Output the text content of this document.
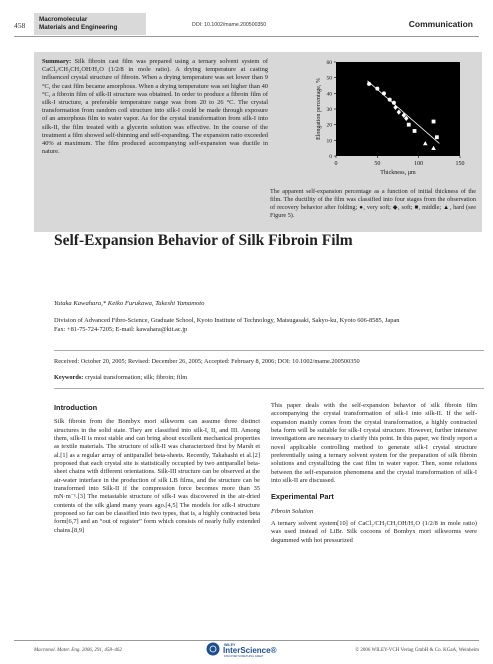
458
Macromolecular
Materials and Engineering	DOI: 10.1002/mame.200500350	Communication

Summary: Silk fibroin cast film was prepared using a ternary solvent system of CaCl₂/CH₃CH₂OH/H₂O (1/2/8 in mole ratio). A drying temperature at casting influenced crystal structure of fibroin. When a drying temperature was set lower than 9 °C, the cast film became amorphous. When a drying temperature was set higher than 40 °C, a fibroin film of silk-II structure was obtained. In order to produce a fibroin film of silk-I structure, a preferable temperature range was from 20 to 26 °C. The crystal transformation from random coil structure into silk-I could be made through exposure of an amorphous film to water vapor. As for the crystal transformation from silk-I into silk-II, the film treated with a glycerin solution was effective. In the course of the treatment a film showed self-thinning and self-expanding. The expansion ratio exceeded 40% at maximum. The film produced accompanying self-expansion was ductile in nature.

0
10
20
30
40
50
60
0	50	100	150
Thickness, µm
Elongation percentage, %

The apparent self-expansion percentage as a function of initial thickness of the film. The ductility of the film was classified into four stages from the observation of recovery behavior after folding; ●, very soft; ◆, soft; ■, middle; ▲, hard (see Figure 5).

Self-Expansion Behavior of Silk Fibroin Film

Yutaka Kawahara,* Keiko Furukawa, Takeshi Yamamoto

Division of Advanced Fibro-Science, Graduate School, Kyoto Institute of Technology, Matsugasaki, Sakyo-ku, Kyoto 606-8585, Japan
Fax: +81-75-724-7205; E-mail: kawahara@kit.ac.jp

Received: October 20, 2005; Revised: December 26, 2005; Accepted: February 8, 2006; DOI: 10.1002/mame.200500350

Keywords: crystal transformation; silk; fibroin; film

Introduction

Silk fibroin from the Bombyx mori silkworm can assume three distinct structures in the solid state. They are classified into silk-I, II, and III. Among them, silk-II is most stable and can bring about excellent mechanical properties as textile materials. The structure of silk-II was characterized first by Marsh et al.[1] as a regular array of antiparallel beta-sheets. Recently, Takahashi et al.[2] proposed that each crystal site is statistically occupied by two antiparallel beta-sheet chains with different orientations. Silk-III structure can be observed at the air-water interface in the production of silk LB films, and the structure can be transformed into Silk-II if the compression force becomes more than 35 mN·m⁻¹.[3] The metastable structure of silk-I was discovered in the air-dried contents of the silk gland many years ago.[4,5] The models for silk-I structure proposed so far can be classified into two types, that is, a highly contracted beta form[6,7] and an “out of register” form which consists of nearly fully extended chains.[8,9]

This paper deals with the self-expansion behavior of silk fibroin film accompanying the crystal transformation of silk-I into silk-II. If the self-expansion mainly comes from the crystal transformation, a highly contracted beta form will be suitable for silk-I crystal structure. However, further intensive investigations are necessary to clarify this point. In this paper, we firstly report a novel applicable controlling method to generate silk-I crystal structure preferentially using a ternary solvent system for the preparation of silk fibroin solutions and crystallizing the cast film in water vapor. Then, some relations between the self-expansion phenomena and the crystal transformation of silk-I into silk-II are discussed.

Experimental Part
Fibroin Solution

A ternary solvent system[10] of CaCl₂/CH₃CH₂OH/H₂O (1/2/8 in mole ratio) was used instead of LiBr. Silk cocoons of Bombyx mori silkworms were degummed with hot pressurized

Macromol. Mater. Eng. 2006, 291, 458–462

WILEY
InterScience®
DISCOVER SOMETHING GREAT

© 2006 WILEY-VCH Verlag GmbH & Co. KGaA, Weinheim
